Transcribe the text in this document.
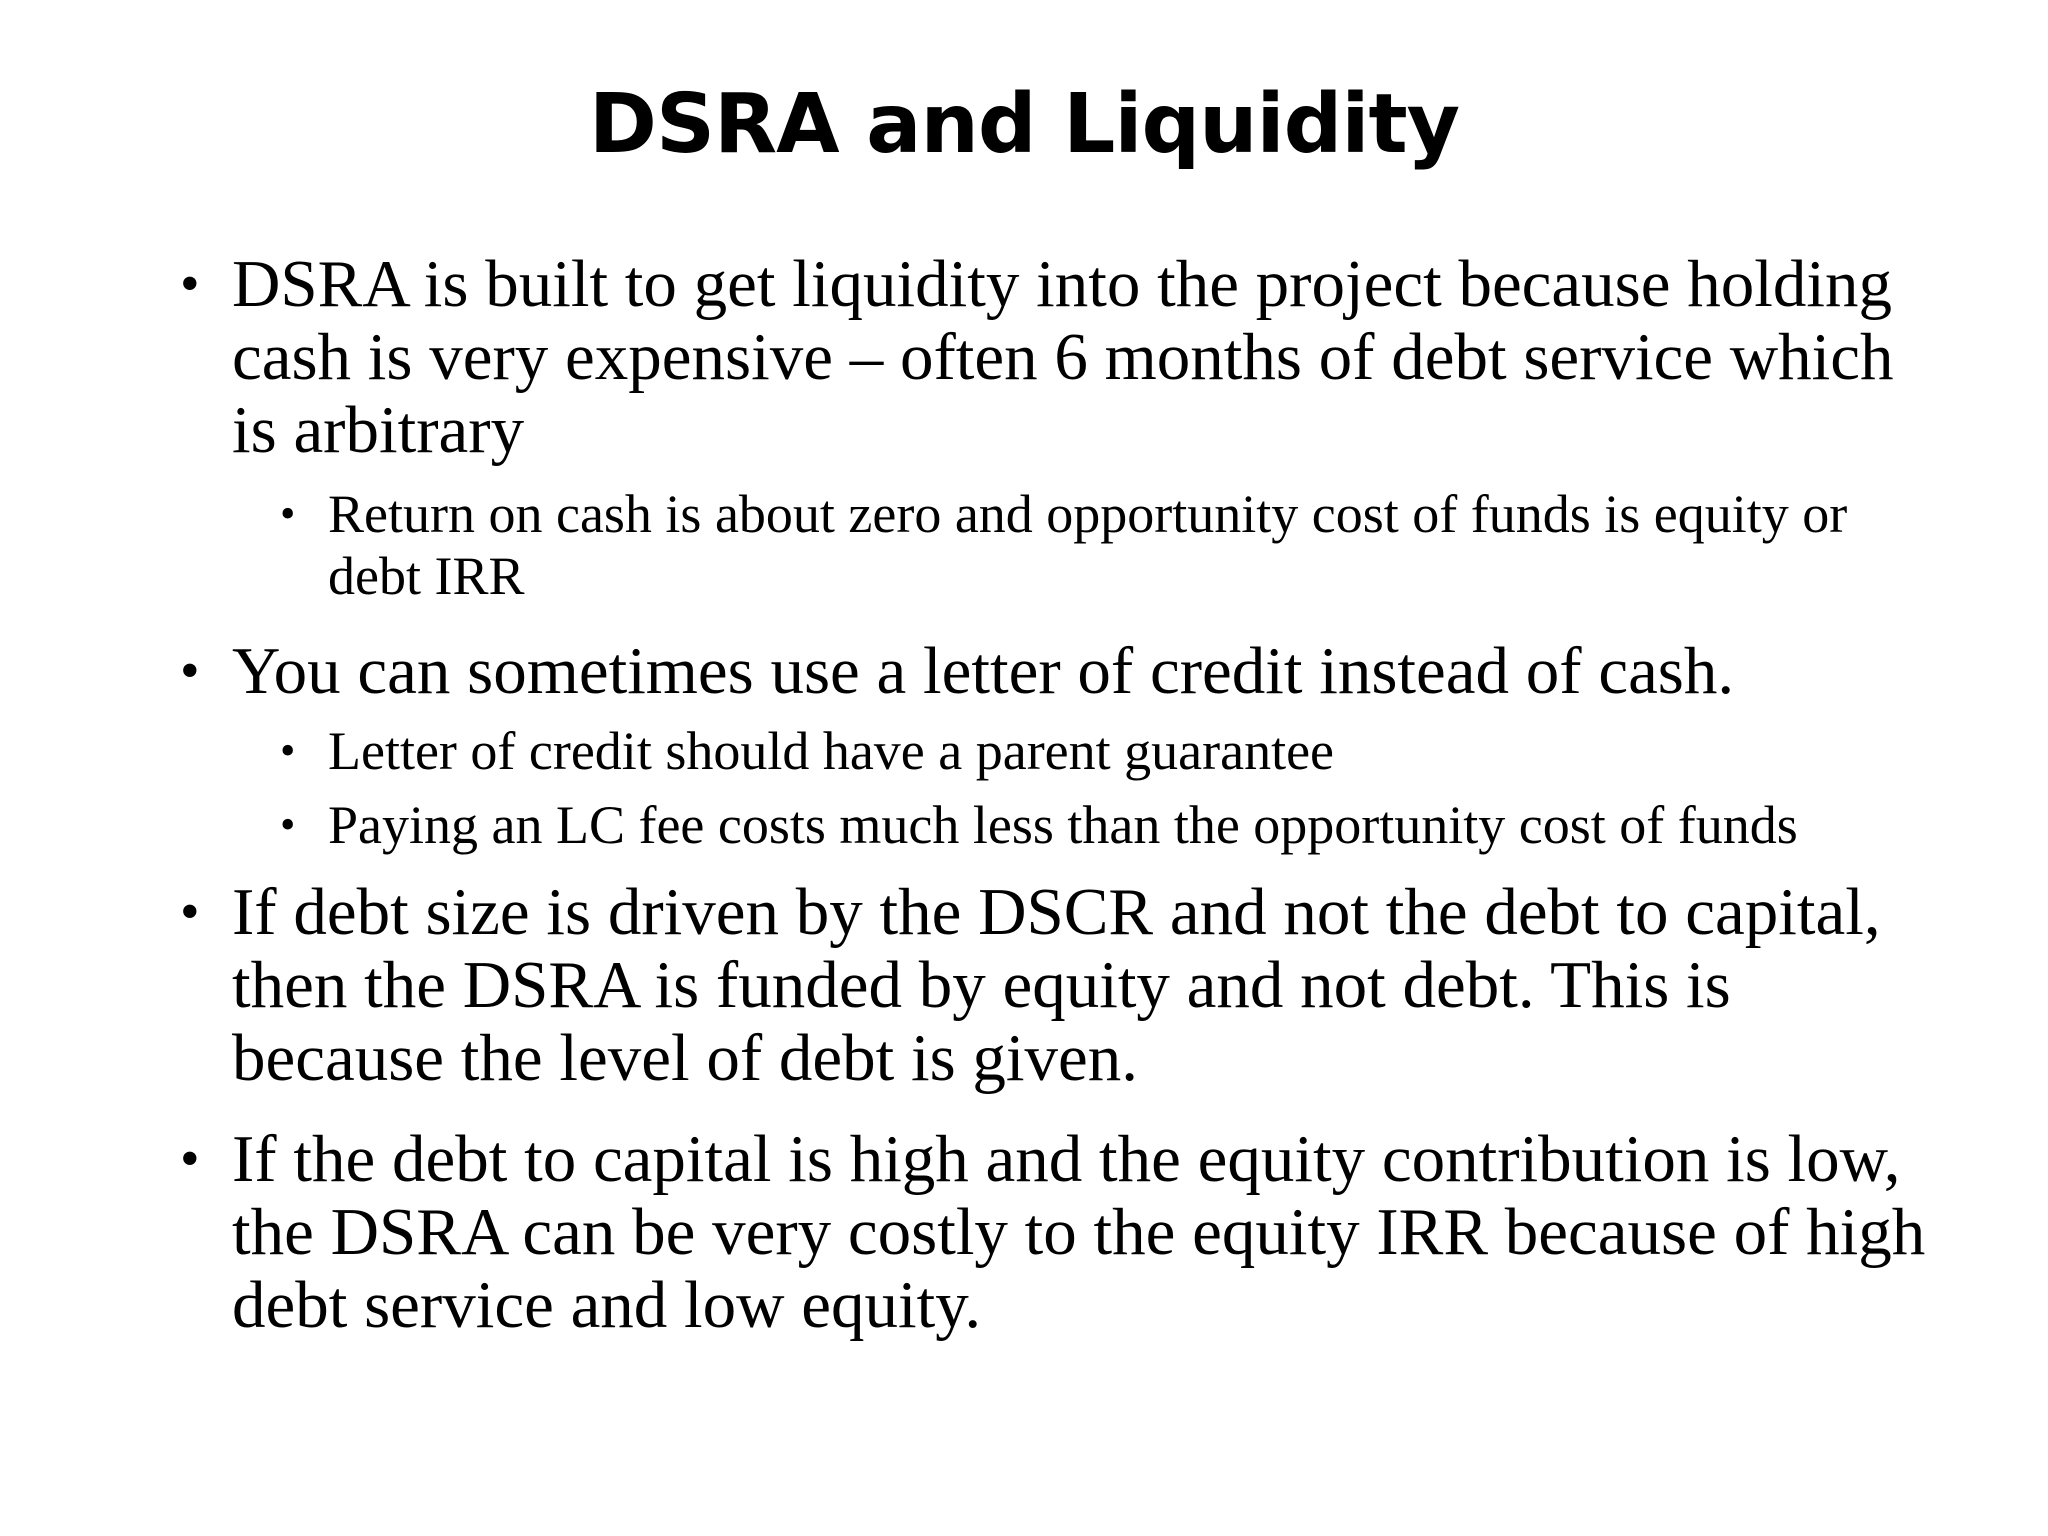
DSRA and Liquidity
• DSRA is built to get liquidity into the project because holding cash is very expensive – often 6 months of debt service which is arbitrary
• Return on cash is about zero and opportunity cost of funds is equity or debt IRR
• You can sometimes use a letter of credit instead of cash.
• Letter of credit should have a parent guarantee
• Paying an LC fee costs much less than the opportunity cost of funds
• If debt size is driven by the DSCR and not the debt to capital, then the DSRA is funded by equity and not debt. This is because the level of debt is given.
• If the debt to capital is high and the equity contribution is low, the DSRA can be very costly to the equity IRR because of high debt service and low equity.
